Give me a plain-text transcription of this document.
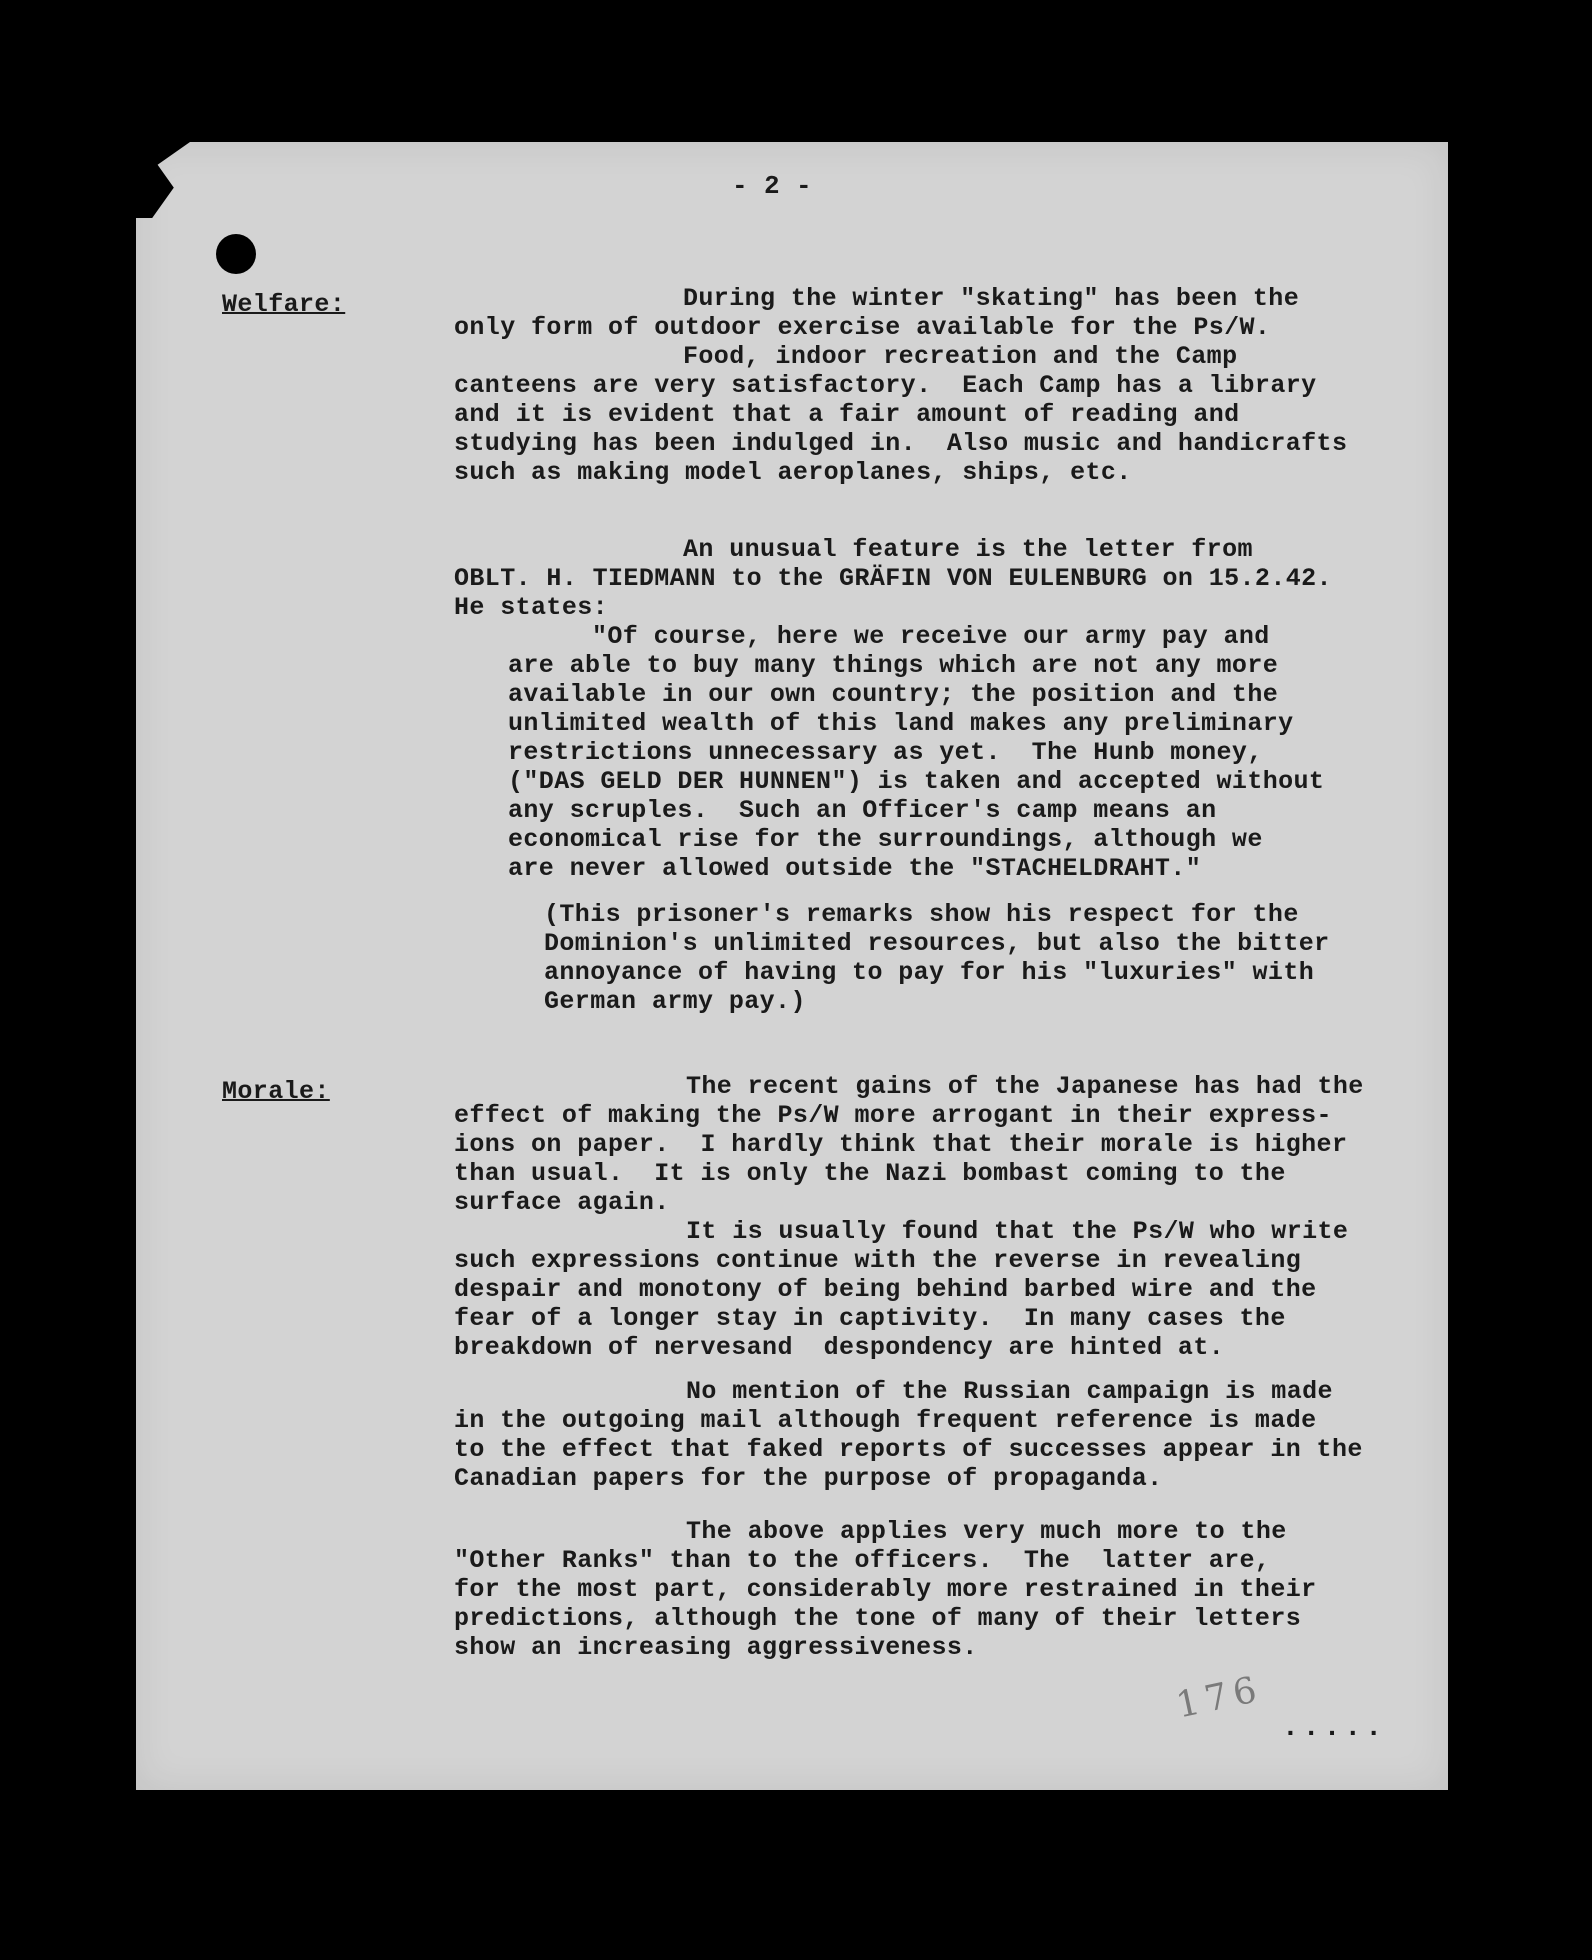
- 2 -
Welfare:	During the winter "skating" has been the
only form of outdoor exercise available for the Ps/W.
Food, indoor recreation and the Camp
canteens are very satisfactory.  Each Camp has a library
and it is evident that a fair amount of reading and
studying has been indulged in.  Also music and handicrafts
such as making model aeroplanes, ships, etc.
An unusual feature is the letter from
OBLT. H. TIEDMANN to the GRÄFIN VON EULENBURG on 15.2.42.
He states:
"Of course, here we receive our army pay and
are able to buy many things which are not any more
available in our own country; the position and the
unlimited wealth of this land makes any preliminary
restrictions unnecessary as yet.  The Hunb money,
("DAS GELD DER HUNNEN") is taken and accepted without
any scruples.  Such an Officer's camp means an
economical rise for the surroundings, although we
are never allowed outside the "STACHELDRAHT."
(This prisoner's remarks show his respect for the
Dominion's unlimited resources, but also the bitter
annoyance of having to pay for his "luxuries" with
German army pay.)
Morale:	The recent gains of the Japanese has had the
effect of making the Ps/W more arrogant in their express-
ions on paper.  I hardly think that their morale is higher
than usual.  It is only the Nazi bombast coming to the
surface again.
It is usually found that the Ps/W who write
such expressions continue with the reverse in revealing
despair and monotony of being behind barbed wire and the
fear of a longer stay in captivity.  In many cases the
breakdown of nervesand  despondency are hinted at.
No mention of the Russian campaign is made
in the outgoing mail although frequent reference is made
to the effect that faked reports of successes appear in the
Canadian papers for the purpose of propaganda.
The above applies very much more to the
"Other Ranks" than to the officers.  The  latter are,
for the most part, considerably more restrained in their
predictions, although the tone of many of their letters
show an increasing aggressiveness.
176
.....
